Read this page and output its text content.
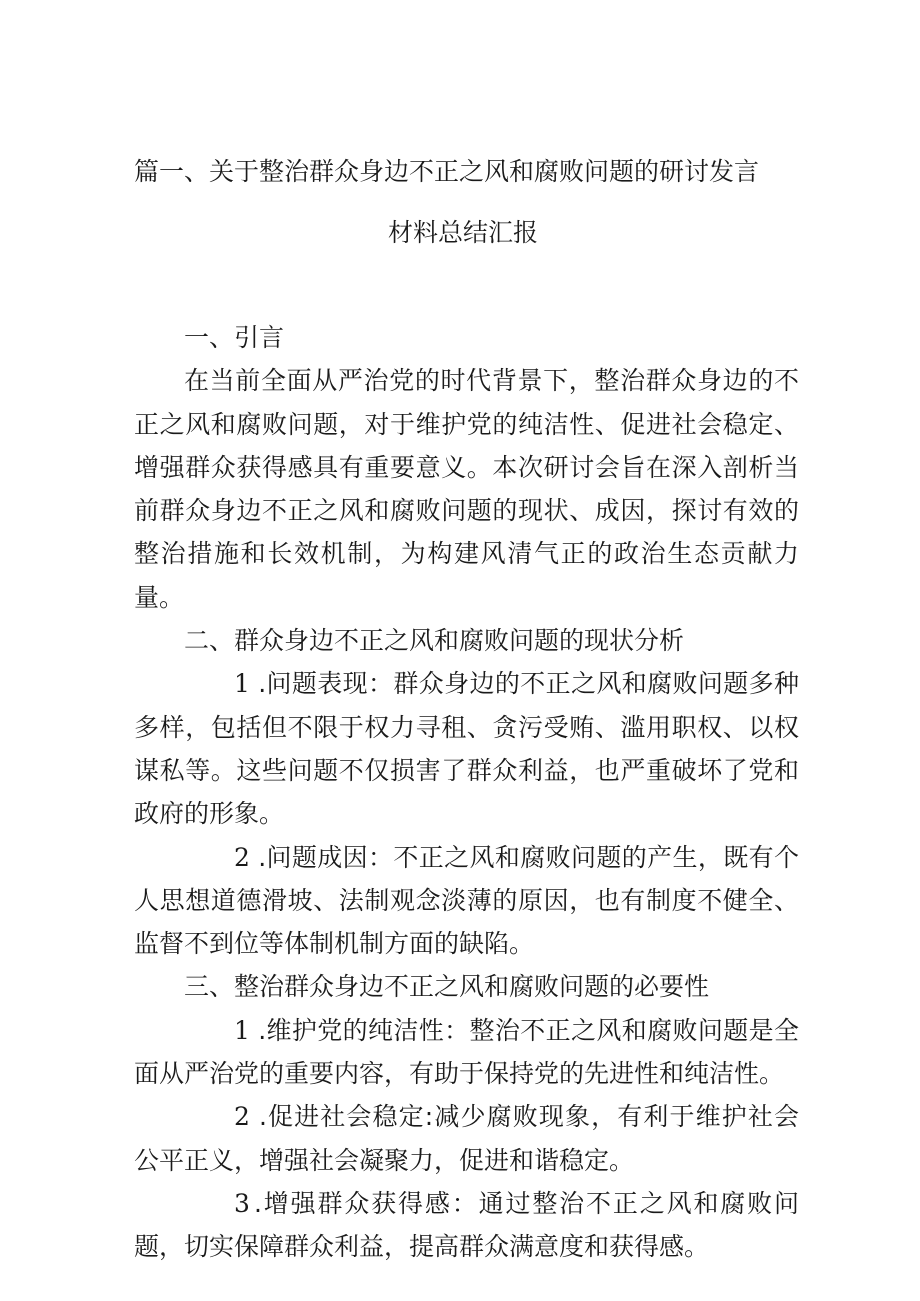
篇一、关于整治群众身边不正之风和腐败问题的研讨发言
材料总结汇报

一、引言

在当前全面从严治党的时代背景下，整治群众身边的不正之风和腐败问题，对于维护党的纯洁性、促进社会稳定、增强群众获得感具有重要意义。本次研讨会旨在深入剖析当前群众身边不正之风和腐败问题的现状、成因，探讨有效的整治措施和长效机制，为构建风清气正的政治生态贡献力量。

二、群众身边不正之风和腐败问题的现状分析

1 .问题表现：群众身边的不正之风和腐败问题多种多样，包括但不限于权力寻租、贪污受贿、滥用职权、以权谋私等。这些问题不仅损害了群众利益，也严重破坏了党和政府的形象。

2 .问题成因：不正之风和腐败问题的产生，既有个人思想道德滑坡、法制观念淡薄的原因，也有制度不健全、监督不到位等体制机制方面的缺陷。

三、整治群众身边不正之风和腐败问题的必要性

1 .维护党的纯洁性：整治不正之风和腐败问题是全面从严治党的重要内容，有助于保持党的先进性和纯洁性。

2 .促进社会稳定:减少腐败现象，有利于维护社会公平正义，增强社会凝聚力，促进和谐稳定。

3 .增强群众获得感：通过整治不正之风和腐败问题，切实保障群众利益，提高群众满意度和获得感。
